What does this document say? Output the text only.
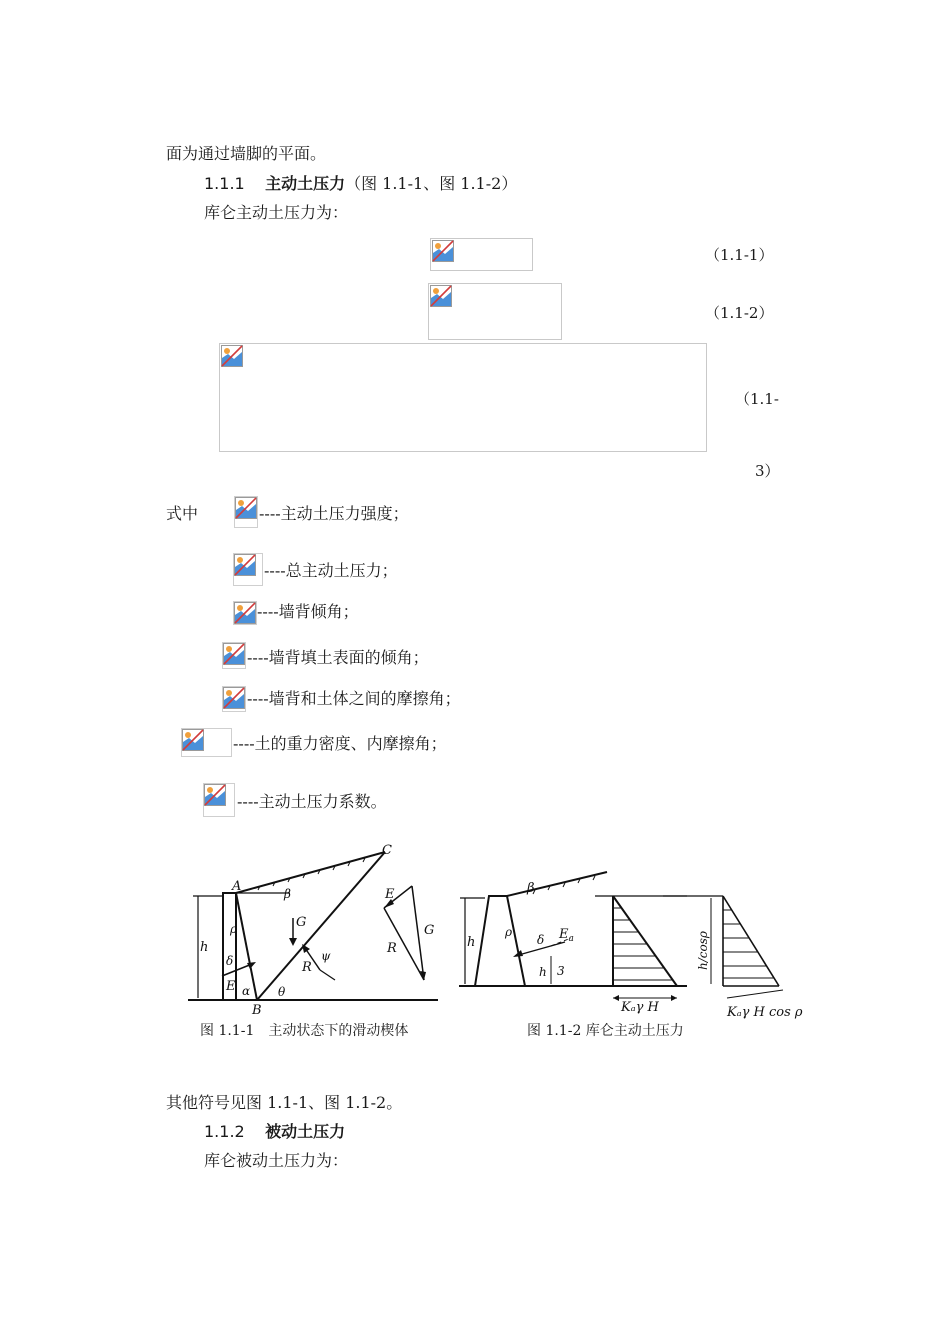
面为通过墙脚的平面。
1.1.1 主动土压力（图 1.1-1、图 1.1-2）
库仑主动土压力为：
（1.1-1）
（1.1-2）
（1.1-
3）
式中	----主动土压力强度；
----总主动土压力；
----墙背倾角；
----墙背填土表面的倾角；
----墙背和土体之间的摩擦角；
----土的重力密度、内摩擦角；
----主动土压力系数。
A
B
C
h
ρ
β
G
δ
E α θ
R
ψ
E
R
G
β
h
ρ
δ $E_a$
h 3
Kₐγ H
h/cosρ
Kₐγ H cos ρ
图 1.1-1　主动状态下的滑动楔体	图 1.1-2 库仑主动土压力
其他符号见图 1.1-1、图 1.1-2。
1.1.2 被动土压力
库仑被动土压力为：
